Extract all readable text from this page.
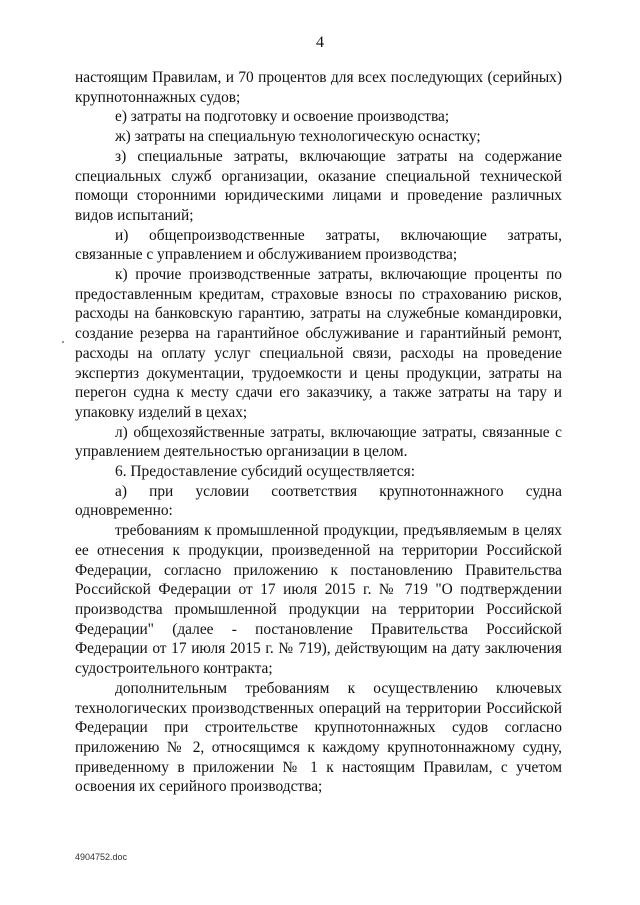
4

настоящим Правилам, и 70 процентов для всех последующих (серийных) крупнотоннажных судов;

е) затраты на подготовку и освоение производства;

ж) затраты на специальную технологическую оснастку;

з) специальные затраты, включающие затраты на содержание специальных служб организации, оказание специальной технической помощи сторонними юридическими лицами и проведение различных видов испытаний;

и) общепроизводственные затраты, включающие затраты, связанные с управлением и обслуживанием производства;

к) прочие производственные затраты, включающие проценты по предоставленным кредитам, страховые взносы по страхованию рисков, расходы на банковскую гарантию, затраты на служебные командировки, создание резерва на гарантийное обслуживание и гарантийный ремонт, расходы на оплату услуг специальной связи, расходы на проведение экспертиз документации, трудоемкости и цены продукции, затраты на перегон судна к месту сдачи его заказчику, а также затраты на тару и упаковку изделий в цехах;

л) общехозяйственные затраты, включающие затраты, связанные с управлением деятельностью организации в целом.

6. Предоставление субсидий осуществляется:

а) при условии соответствия крупнотоннажного судна одновременно:

требованиям к промышленной продукции, предъявляемым в целях ее отнесения к продукции, произведенной на территории Российской Федерации, согласно приложению к постановлению Правительства Российской Федерации от 17 июля 2015 г. № 719 "О подтверждении производства промышленной продукции на территории Российской Федерации" (далее - постановление Правительства Российской Федерации от 17 июля 2015 г. № 719), действующим на дату заключения судостроительного контракта;

дополнительным требованиям к осуществлению ключевых технологических производственных операций на территории Российской Федерации при строительстве крупнотоннажных судов согласно приложению № 2, относящимся к каждому крупнотоннажному судну, приведенному в приложении № 1 к настоящим Правилам, с учетом освоения их серийного производства;

4904752.doc
